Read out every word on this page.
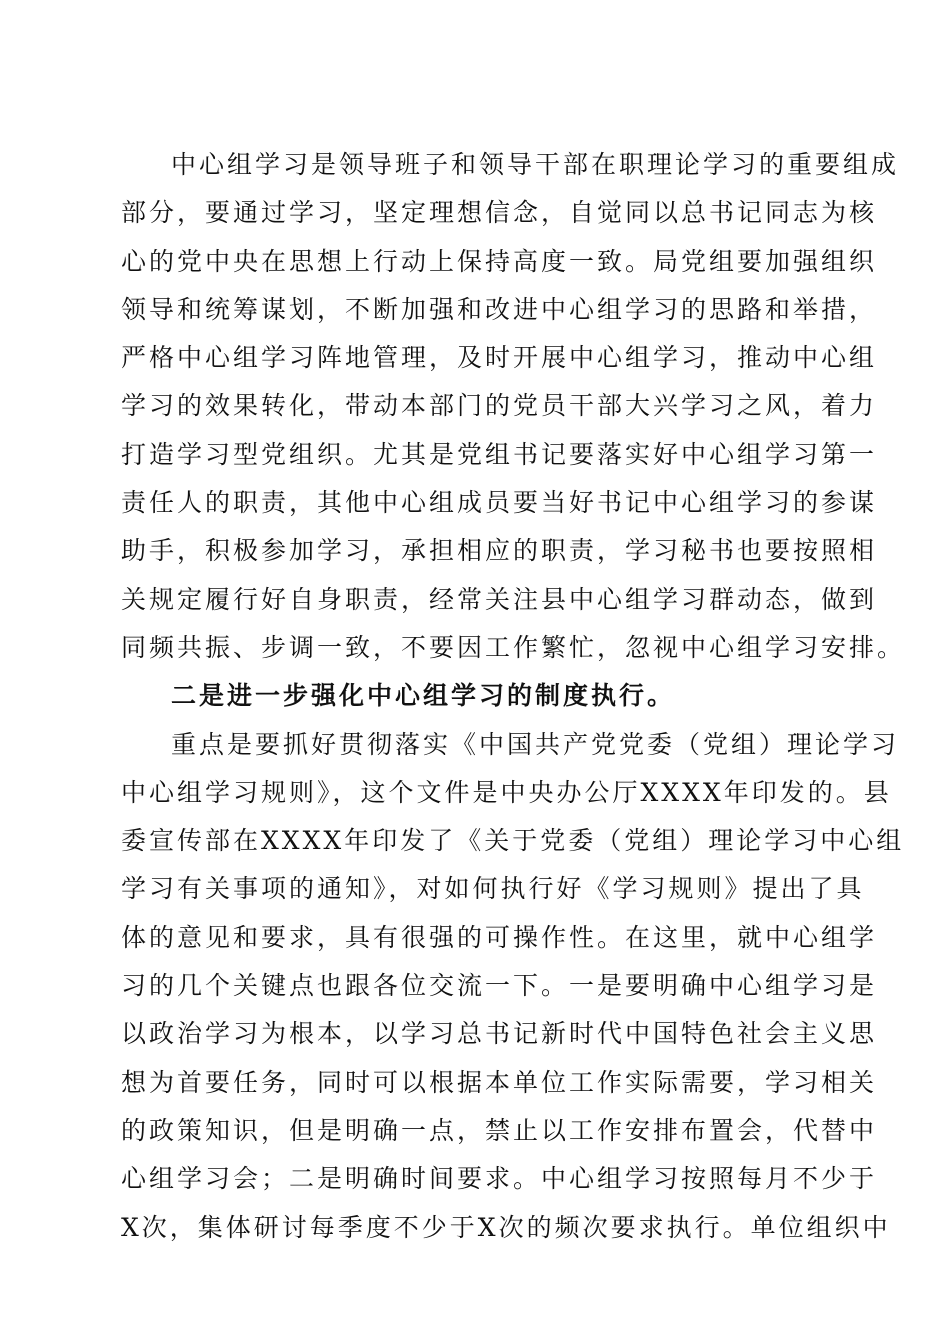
中心组学习是领导班子和领导干部在职理论学习的重要组成
部分，要通过学习，坚定理想信念，自觉同以总书记同志为核
心的党中央在思想上行动上保持高度一致。局党组要加强组织
领导和统筹谋划，不断加强和改进中心组学习的思路和举措，
严格中心组学习阵地管理，及时开展中心组学习，推动中心组
学习的效果转化，带动本部门的党员干部大兴学习之风，着力
打造学习型党组织。尤其是党组书记要落实好中心组学习第一
责任人的职责，其他中心组成员要当好书记中心组学习的参谋
助手，积极参加学习，承担相应的职责，学习秘书也要按照相
关规定履行好自身职责，经常关注县中心组学习群动态，做到
同频共振、步调一致，不要因工作繁忙，忽视中心组学习安排。
二是进一步强化中心组学习的制度执行。
重点是要抓好贯彻落实《中国共产党党委（党组）理论学习
中心组学习规则》，这个文件是中央办公厅XXXX年印发的。县
委宣传部在XXXX年印发了《关于党委（党组）理论学习中心组
学习有关事项的通知》，对如何执行好《学习规则》提出了具
体的意见和要求，具有很强的可操作性。在这里，就中心组学
习的几个关键点也跟各位交流一下。一是要明确中心组学习是
以政治学习为根本，以学习总书记新时代中国特色社会主义思
想为首要任务，同时可以根据本单位工作实际需要，学习相关
的政策知识，但是明确一点，禁止以工作安排布置会，代替中
心组学习会；二是明确时间要求。中心组学习按照每月不少于
X次，集体研讨每季度不少于X次的频次要求执行。单位组织中
